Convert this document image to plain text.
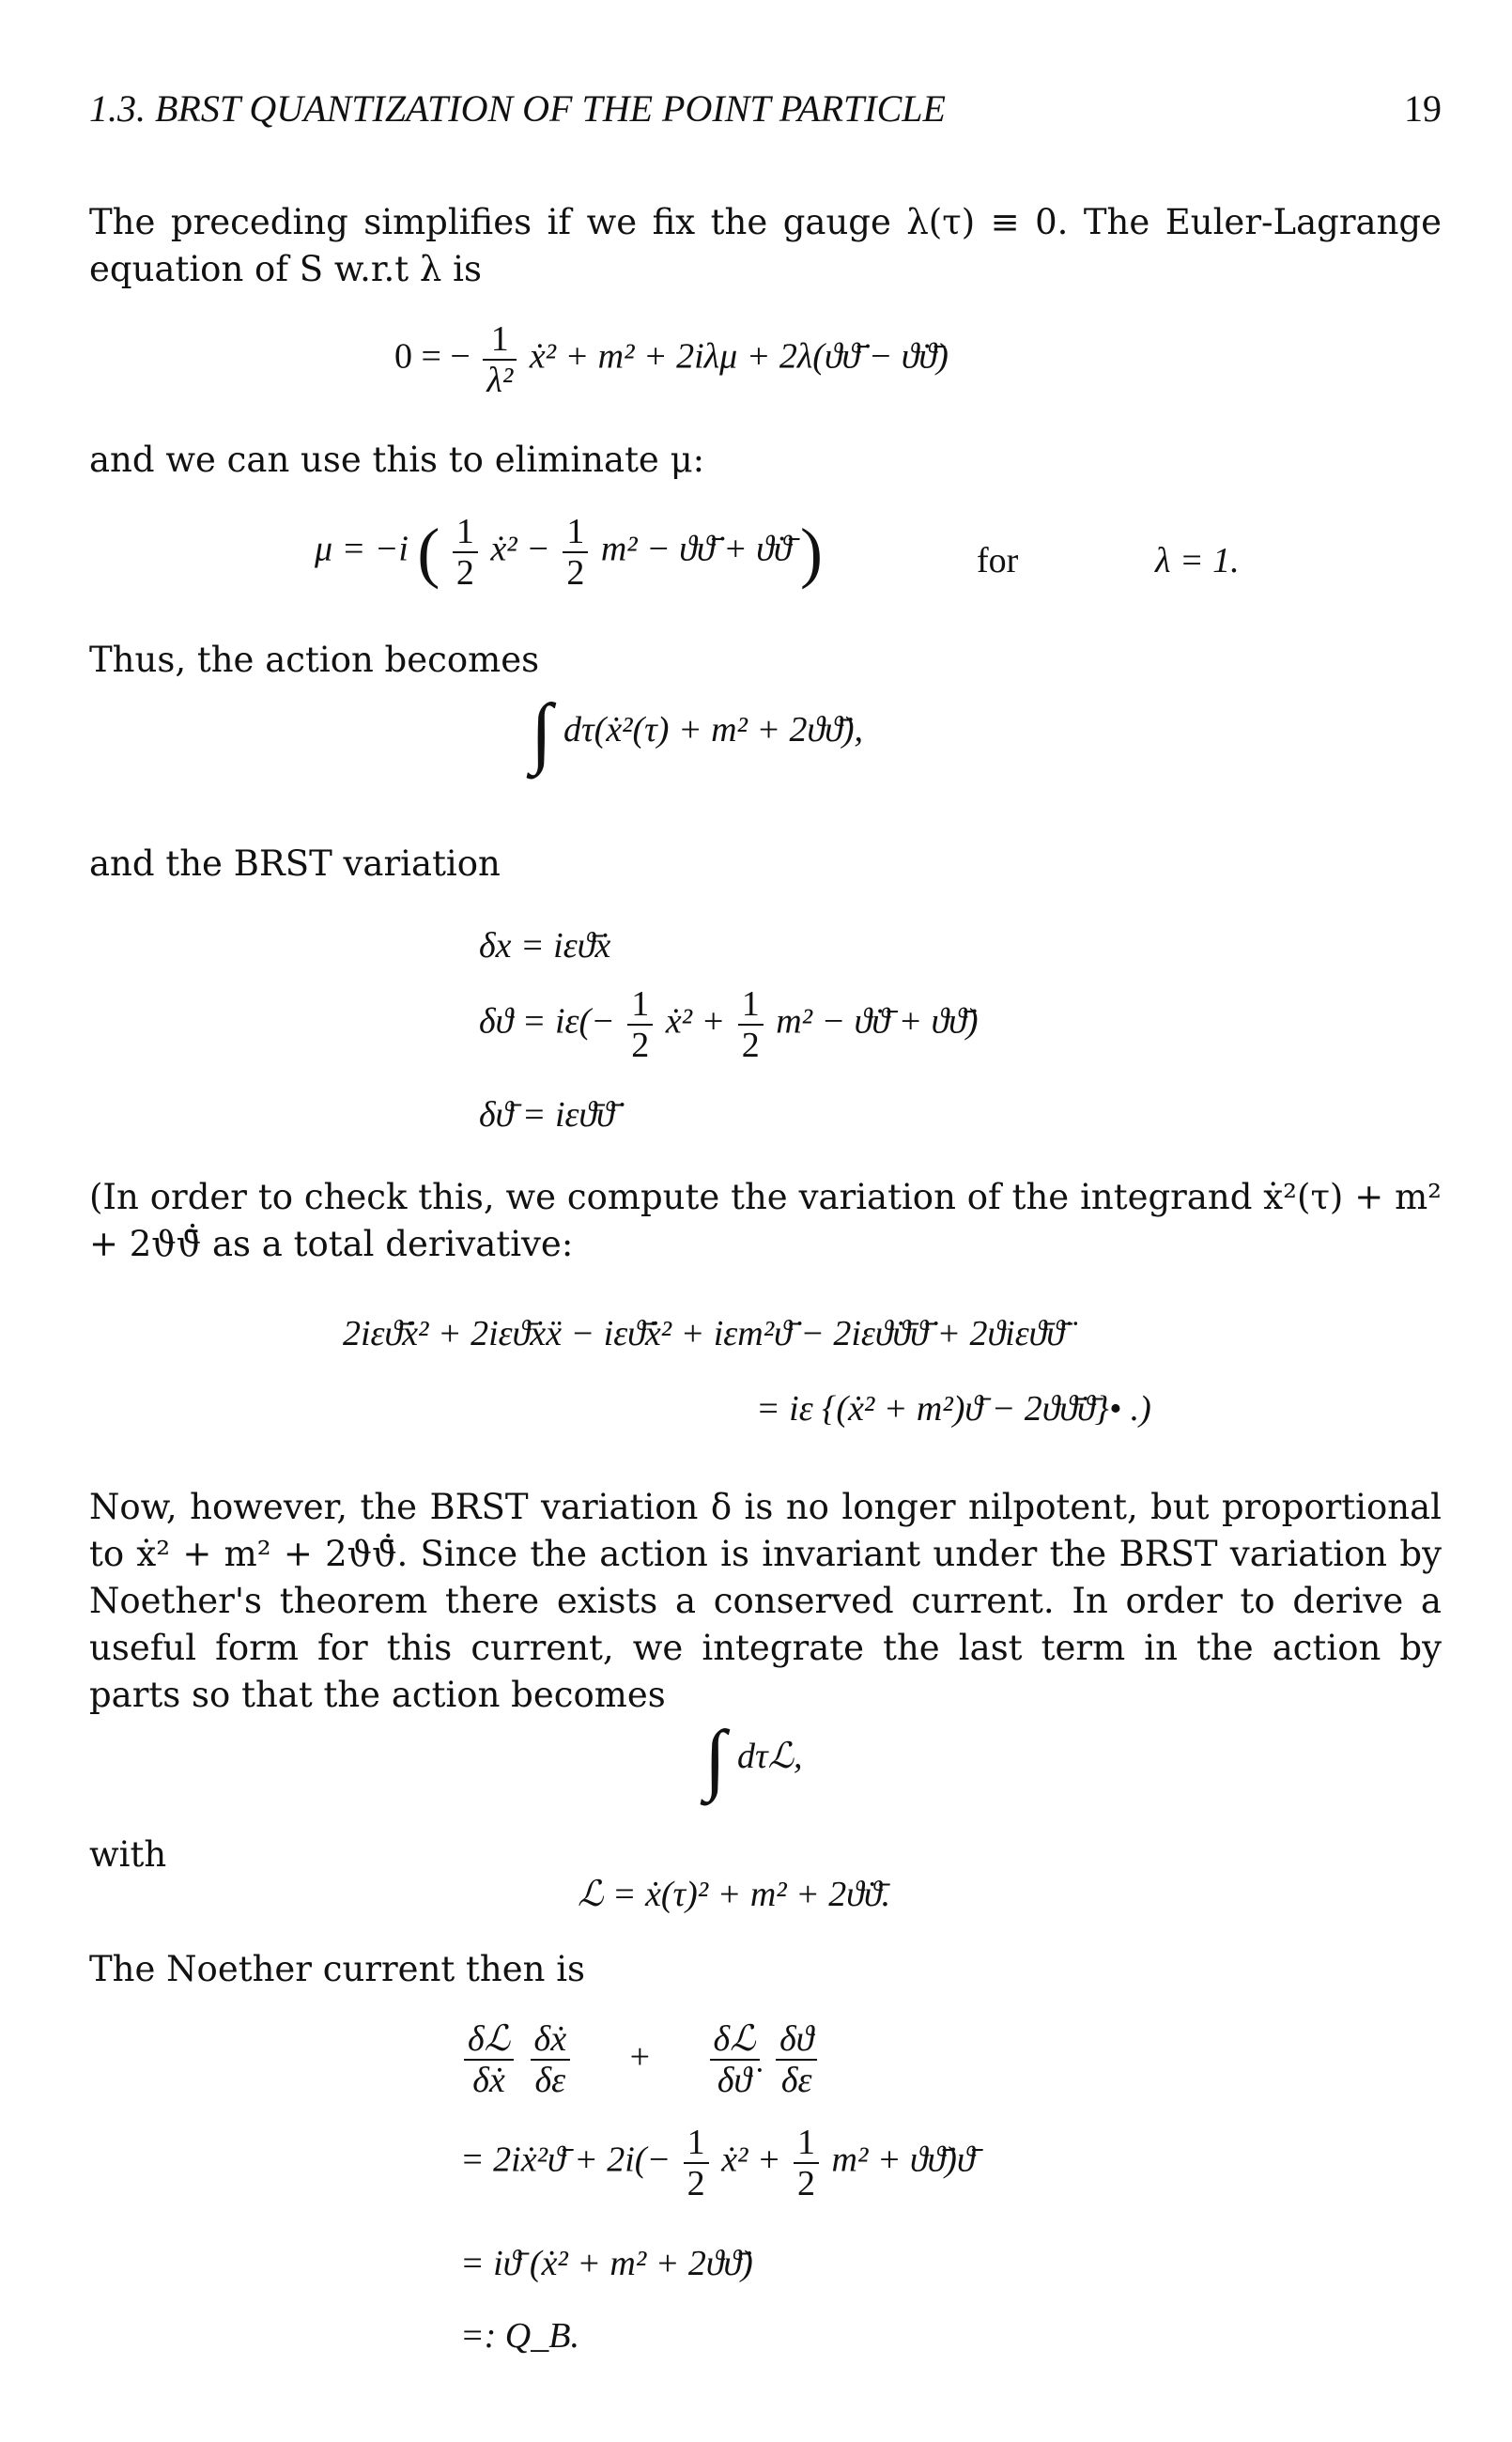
1.3. BRST QUANTIZATION OF THE POINT PARTICLE	19
The preceding simplifies if we fix the gauge λ(τ) ≡ 0. The Euler-Lagrange equation of S w.r.t λ is
0 = − $\frac{1}{\text{λ²}}$ ẋ² + m² + 2iλμ + 2λ(ϑϑ̄̇ − ϑ̇ϑ̄)
and we can use this to eliminate μ:
μ = −i ( $\frac{1}{2}$ ẋ² − $\frac{1}{2} m^2$ − ϑϑ̄̇ + ϑ̇ϑ̄ )	for	λ = 1.
Thus, the action becomes
∫ dτ(ẋ²(τ) + m² + 2ϑϑ̄̇),
and the BRST variation
δx = iεϑ̄ẋ
$\delta ϑ = i\varepsilon(- \frac{1}{2}$ ẋ² + $\frac{1}{2} m^2$ − ϑ̇ϑ̄ + ϑϑ̄̇)
δϑ̄ = iεϑ̄ϑ̄̇
(In order to check this, we compute the variation of the integrand ẋ²(τ) + m² + 2ϑϑ̄̇ as a total derivative:
2iεϑ̄̇ẋ² + 2iεϑ̄ẋẍ − iεϑ̄̇ẋ² + iεm²ϑ̄̇ − 2iεϑ̇ϑ̄ϑ̄̇ + 2ϑiεϑ̄ϑ̄̈
= iε {(ẋ² + m²)ϑ̄ − 2ϑϑ̄̇ϑ̄}• .)
Now, however, the BRST variation δ is no longer nilpotent, but proportional to ẋ² + m² + 2ϑϑ̄̇. Since the action is invariant under the BRST variation by Noether's theorem there exists a conserved current. In order to derive a useful form for this current, we integrate the last term in the action by parts so that the action becomes
∫ dτℒ,
with
ℒ = ẋ(τ)² + m² + 2ϑ̇ϑ̄.
The Noether current then is
$\frac{\text{δℒ}}{\text{δẋ}}$
$\frac{\text{δẋ}}{\delta\varepsilon} + \frac{\text{δℒ}}{\delta ϑ̇}$
$\frac{\delta ϑ}{\delta\varepsilon}$
= 2iẋ²ϑ̄ + $2i(- \frac{1}{2}$ ẋ² + $\frac{1}{2} m^2$ + ϑϑ̄̇)ϑ̄
= iϑ̄ (ẋ² + m² + 2ϑϑ̄̇)
=: Q_B.
